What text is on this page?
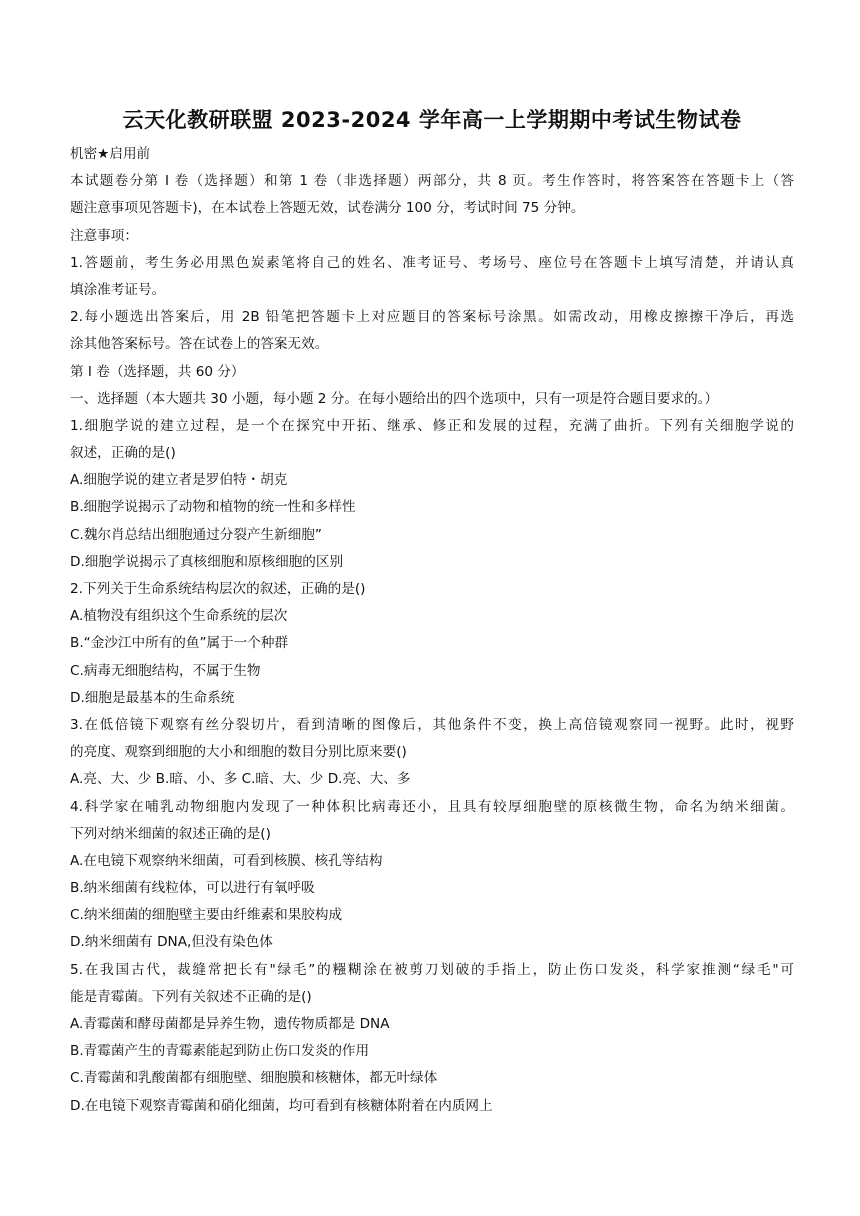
云天化教研联盟 2023-2024 学年高一上学期期中考试生物试卷
机密★启用前
本试题卷分第 I 卷（选择题）和第 1 卷（非选择题）两部分，共 8 页。考生作答时，将答案答在答题卡上（答
题注意事项见答题卡)，在本试卷上答题无效，试卷满分 100 分，考试时间 75 分钟。
注意事项：
1.答题前，考生务必用黑色炭素笔将自己的姓名、准考证号、考场号、座位号在答题卡上填写清楚，并请认真
填涂准考证号。
2.每小题选出答案后，用 2B 铅笔把答题卡上对应题目的答案标号涂黑。如需改动，用橡皮擦擦干净后，再选
涂其他答案标号。答在试卷上的答案无效。
第 I 卷（选择题，共 60 分）
一、选择题（本大题共 30 小题，每小题 2 分。在每小题给出的四个选项中，只有一项是符合题目要求的。）
1.细胞学说的建立过程，是一个在探究中开拓、继承、修正和发展的过程，充满了曲折。下列有关细胞学说的
叙述，正确的是()
A.细胞学说的建立者是罗伯特・胡克
B.细胞学说揭示了动物和植物的统一性和多样性
C.魏尔肖总结出细胞通过分裂产生新细胞”
D.细胞学说揭示了真核细胞和原核细胞的区别
2.下列关于生命系统结构层次的叙述，正确的是()
A.植物没有组织这个生命系统的层次
B.“金沙江中所有的鱼”属于一个种群
C.病毒无细胞结构，不属于生物
D.细胞是最基本的生命系统
3.在低倍镜下观察有丝分裂切片，看到清晰的图像后，其他条件不变，换上高倍镜观察同一视野。此时，视野
的亮度、观察到细胞的大小和细胞的数目分别比原来要()
A.亮、大、少 B.暗、小、多 C.暗、大、少 D.亮、大、多
4.科学家在哺乳动物细胞内发现了一种体积比病毒还小，且具有较厚细胞壁的原核微生物，命名为纳米细菌。
下列对纳米细菌的叙述正确的是()
A.在电镜下观察纳米细菌，可看到核膜、核孔等结构
B.纳米细菌有线粒体，可以进行有氧呼吸
C.纳米细菌的细胞壁主要由纤维素和果胶构成
D.纳米细菌有 DNA,但没有染色体
5.在我国古代，裁缝常把长有"绿毛”的糨糊涂在被剪刀划破的手指上，防止伤口发炎，科学家推测“绿毛"可
能是青霉菌。下列有关叙述不正确的是()
A.青霉菌和酵母菌都是异养生物，遗传物质都是 DNA
B.青霉菌产生的青霉素能起到防止伤口发炎的作用
C.青霉菌和乳酸菌都有细胞壁、细胞膜和核糖体，都无叶绿体
D.在电镜下观察青霉菌和硝化细菌，均可看到有核糖体附着在内质网上
